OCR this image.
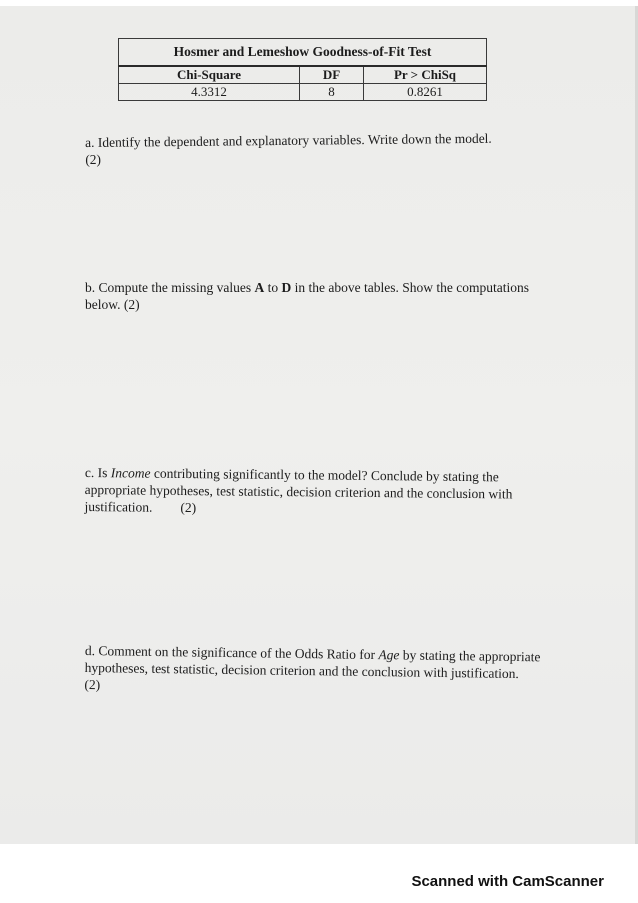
Hosmer and Lemeshow Goodness-of-Fit Test		
Chi-Square	DF	Pr > ChiSq
4.3312	8	0.8261

a. Identify the dependent and explanatory variables. Write down the model.
(2)

b. Compute the missing values A to D in the above tables. Show the computations below. (2)

c. Is Income contributing significantly to the model? Conclude by stating the appropriate hypotheses, test statistic, decision criterion and the conclusion with justification. (2)

d. Comment on the significance of the Odds Ratio for Age by stating the appropriate hypotheses, test statistic, decision criterion and the conclusion with justification.
(2)

Scanned with CamScanner
